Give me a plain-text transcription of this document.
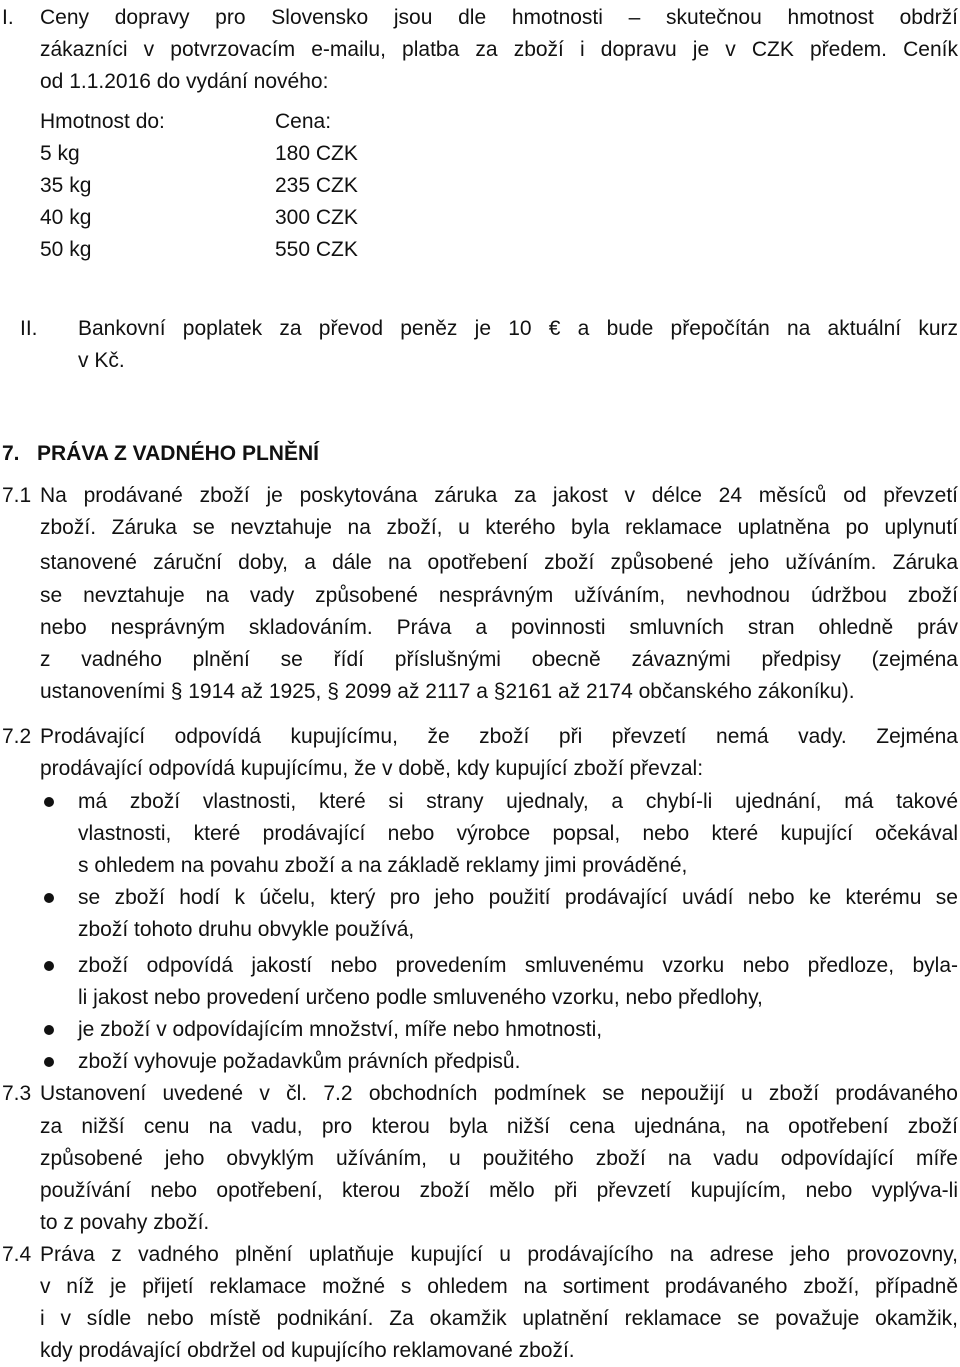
I. Ceny dopravy pro Slovensko jsou dle hmotnosti – skutečnou hmotnost obdrží
zákazníci v potvrzovacím e-mailu, platba za zboží i dopravu je v CZK předem. Ceník
od 1.1.2016 do vydání nového:
Hmotnost do:	Cena:
5 kg	180 CZK
35 kg	235 CZK
40 kg	300 CZK
50 kg	550 CZK
II. Bankovní poplatek za převod peněz je 10 € a bude přepočítán na aktuální kurz
v Kč.
7.   PRÁVA Z VADNÉHO PLNĚNÍ
7.1 Na prodávané zboží je poskytována záruka za jakost v délce 24 měsíců od převzetí
zboží. Záruka se nevztahuje na zboží, u kterého byla reklamace uplatněna po uplynutí
stanovené záruční doby, a dále na opotřebení zboží způsobené jeho užíváním. Záruka
se nevztahuje na vady způsobené nesprávným užíváním, nevhodnou údržbou zboží
nebo nesprávným skladováním. Práva a povinnosti smluvních stran ohledně práv
z vadného plnění se řídí příslušnými obecně závaznými předpisy (zejména
ustanoveními § 1914 až 1925, § 2099 až 2117 a §2161 až 2174 občanského zákoníku).
7.2 Prodávající odpovídá kupujícímu, že zboží při převzetí nemá vady. Zejména
prodávající odpovídá kupujícímu, že v době, kdy kupující zboží převzal:
má zboží vlastnosti, které si strany ujednaly, a chybí-li ujednání, má takové
vlastnosti, které prodávající nebo výrobce popsal, nebo které kupující očekával
s ohledem na povahu zboží a na základě reklamy jimi prováděné,
se zboží hodí k účelu, který pro jeho použití prodávající uvádí nebo ke kterému se
zboží tohoto druhu obvykle používá,
zboží odpovídá jakostí nebo provedením smluvenému vzorku nebo předloze, byla-
li jakost nebo provedení určeno podle smluveného vzorku, nebo předlohy,
je zboží v odpovídajícím množství, míře nebo hmotnosti,
zboží vyhovuje požadavkům právních předpisů.
7.3 Ustanovení uvedené v čl. 7.2 obchodních podmínek se nepoužijí u zboží prodávaného
za nižší cenu na vadu, pro kterou byla nižší cena ujednána, na opotřebení zboží
způsobené jeho obvyklým užíváním, u použitého zboží na vadu odpovídající míře
používání nebo opotřebení, kterou zboží mělo při převzetí kupujícím, nebo vyplýva-li
to z povahy zboží.
7.4 Práva z vadného plnění uplatňuje kupující u prodávajícího na adrese jeho provozovny,
v níž je přijetí reklamace možné s ohledem na sortiment prodávaného zboží, případně
i v sídle nebo místě podnikání. Za okamžik uplatnění reklamace se považuje okamžik,
kdy prodávající obdržel od kupujícího reklamované zboží.
